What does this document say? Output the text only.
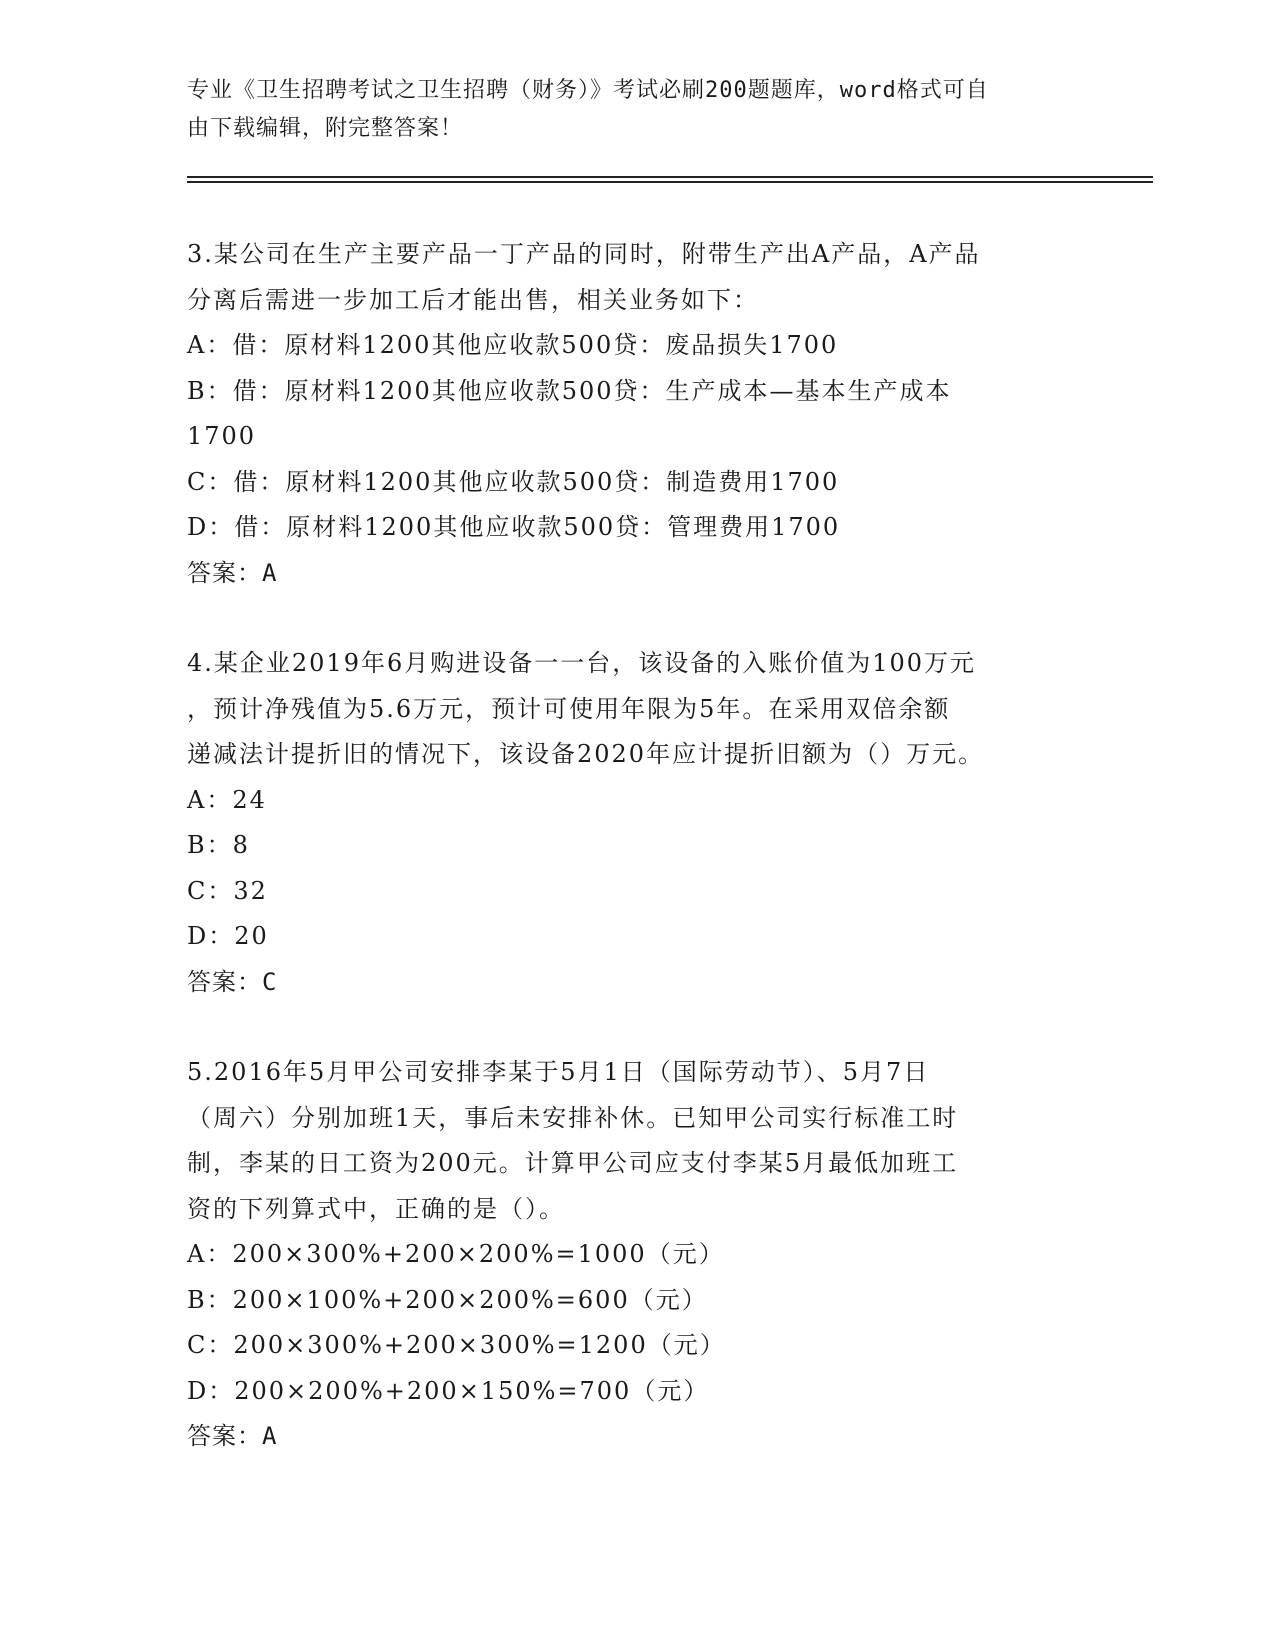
专业《卫生招聘考试之卫生招聘（财务）》考试必刷200题题库，word格式可自
由下载编辑，附完整答案！
3.某公司在生产主要产品一丁产品的同时，附带生产出A产品，A产品
分离后需进一步加工后才能出售，相关业务如下：
A：借：原材料1200其他应收款500贷：废品损失1700
B：借：原材料1200其他应收款500贷：生产成本—基本生产成本
1700
C：借：原材料1200其他应收款500贷：制造费用1700
D：借：原材料1200其他应收款500贷：管理费用1700
答案：A
4.某企业2019年6月购进设备一一台，该设备的入账价值为100万元
，预计净残值为5.6万元，预计可使用年限为5年。在采用双倍余额
递减法计提折旧的情况下，该设备2020年应计提折旧额为（）万元。
A：24
B：8
C：32
D：20
答案：C
5.2016年5月甲公司安排李某于5月1日（国际劳动节）、5月7日
（周六）分别加班1天，事后未安排补休。已知甲公司实行标准工时
制，李某的日工资为200元。计算甲公司应支付李某5月最低加班工
资的下列算式中，正确的是（）。
A：200×300%+200×200%=1000（元）
B：200×100%+200×200%=600（元）
C：200×300%+200×300%=1200（元）
D：200×200%+200×150%=700（元）
答案：A
